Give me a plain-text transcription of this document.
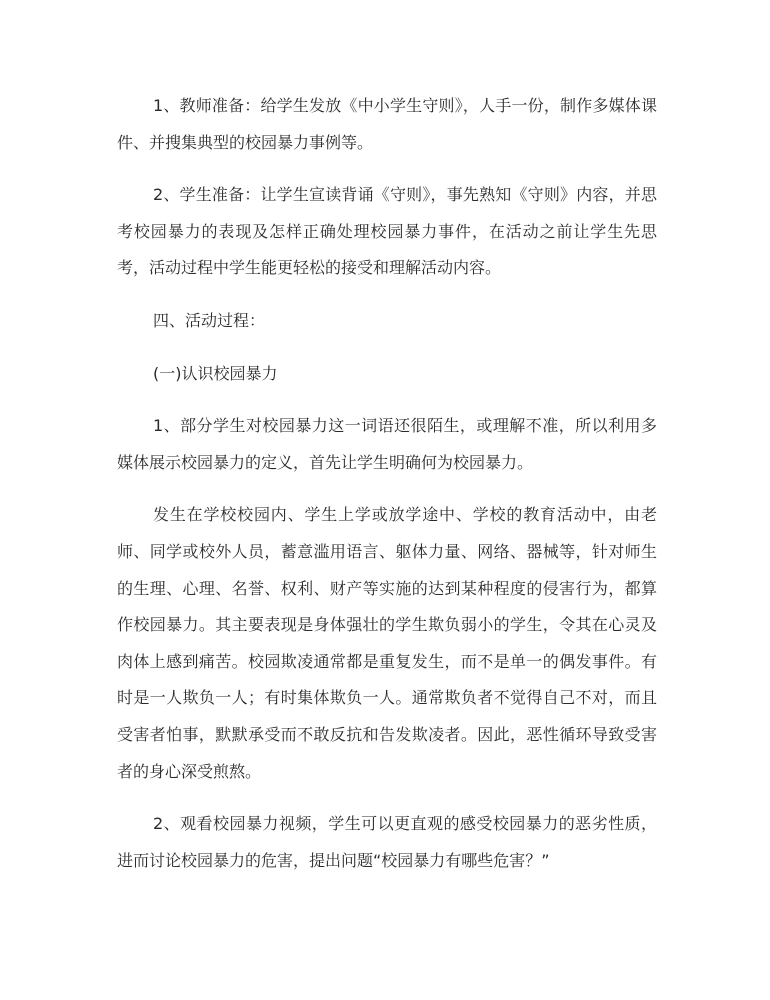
1、教师准备：给学生发放《中小学生守则》，人手一份，制作多媒体课件、并搜集典型的校园暴力事例等。

2、学生准备：让学生宣读背诵《守则》，事先熟知《守则》内容，并思考校园暴力的表现及怎样正确处理校园暴力事件，在活动之前让学生先思考，活动过程中学生能更轻松的接受和理解活动内容。

四、活动过程：

(一)认识校园暴力

1、部分学生对校园暴力这一词语还很陌生，或理解不准，所以利用多媒体展示校园暴力的定义，首先让学生明确何为校园暴力。

发生在学校校园内、学生上学或放学途中、学校的教育活动中，由老师、同学或校外人员，蓄意滥用语言、躯体力量、网络、器械等，针对师生的生理、心理、名誉、权利、财产等实施的达到某种程度的侵害行为，都算作校园暴力。其主要表现是身体强壮的学生欺负弱小的学生，令其在心灵及肉体上感到痛苦。校园欺凌通常都是重复发生，而不是单一的偶发事件。有时是一人欺负一人；有时集体欺负一人。通常欺负者不觉得自己不对，而且受害者怕事，默默承受而不敢反抗和告发欺凌者。因此，恶性循环导致受害者的身心深受煎熬。

2、观看校园暴力视频，学生可以更直观的感受校园暴力的恶劣性质，进而讨论校园暴力的危害，提出问题“校园暴力有哪些危害？”
